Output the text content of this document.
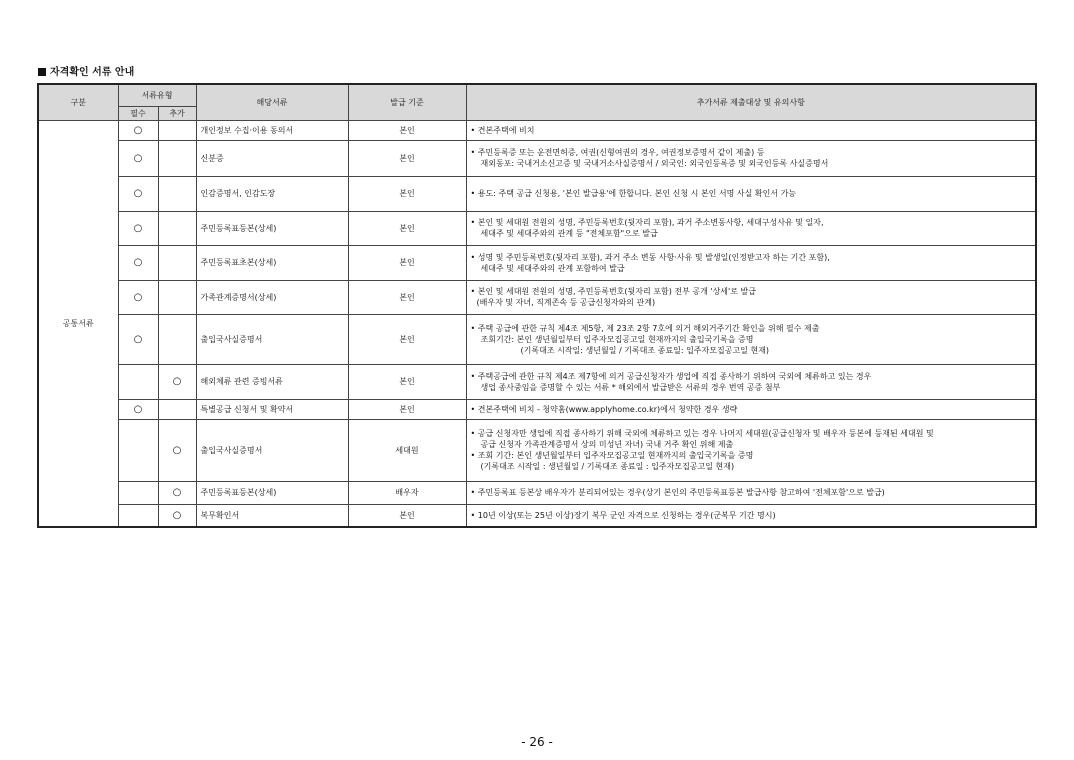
자격확인 서류 안내
구분	서류유형		해당서류	발급 기준	추가서류 제출대상 및 유의사항
	필수	추가			
공통서류	○		개인정보 수집·이용 동의서	본인	• 견본주택에 비치

	○		신분증	본인	• 주민등록증 또는 운전면허증, 여권(신형여권의 경우, 여권정보증명서 같이 제출) 등
재외동포: 국내거소신고증 및 국내거소사실증명서 / 외국인: 외국인등록증 및 외국인등록 사실증명서

	○		인감증명서, 인감도장	본인	• 용도: 주택 공급 신청용, '본인 발급용'에 한합니다. 본인 신청 시 본인 서명 사실 확인서 가능

	○		주민등록표등본(상세)	본인	• 본인 및 세대원 전원의 성명, 주민등록번호(뒷자리 포함), 과거 주소변동사항, 세대구성사유 및 일자,
세대주 및 세대주와의 관계 등 "전체포함"으로 발급

	○		주민등록표초본(상세)	본인	• 성명 및 주민등록번호(뒷자리 포함), 과거 주소 변동 사항·사유 및 발생일(인정받고자 하는 기간 포함),
세대주 및 세대주와의 관계 포함하여 발급

	○		가족관계증명서(상세)	본인	• 본인 및 세대원 전원의 성명, 주민등록번호(뒷자리 포함) 전부 공개 '상세'로 발급
(배우자 및 자녀, 직계존속 등 공급신청자와의 관계)

	○		출입국사실증명서	본인	• 주택 공급에 관한 규칙 제4조 제5항, 제 23조 2항 7호에 의거 해외거주기간 확인을 위해 필수 제출
조회기간: 본인 생년월일부터 입주자모집공고일 현재까지의 출입국기록을 증명
(기록대조 시작일: 생년월일 / 기록대조 종료일: 입주자모집공고일 현재)

		○	해외체류 관련 증빙서류	본인	• 주택공급에 관한 규칙 제4조 제7항에 의거 공급신청자가 생업에 직접 종사하기 위하여 국외에 체류하고 있는 경우
생업 종사중임을 증명할 수 있는 서류 * 해외에서 발급받은 서류의 경우 번역 공증 첨부

	○		특별공급 신청서 및 확약서	본인	• 견본주택에 비치 - 청약홈(www.applyhome.co.kr)에서 청약한 경우 생략

		○	출입국사실증명서	세대원	• 공급 신청자만 생업에 직접 종사하기 위해 국외에 체류하고 있는 경우 나머지 세대원(공급신청자 및 배우자 등본에 등재된 세대원 및
공급 신청자 가족관계증명서 상의 미성년 자녀) 국내 거주 확인 위해 제출
• 조회 기간: 본인 생년월일부터 입주자모집공고일 현재까지의 출입국기록을 증명
(기록대조 시작일 : 생년월일 / 기록대조 종료일 : 입주자모집공고일 현재)

		○	주민등록표등본(상세)	배우자	• 주민등록표 등본상 배우자가 분리되어있는 경우(상기 본인의 주민등록표등본 발급사항 참고하여 '전체포함'으로 발급)

		○	복무확인서	본인	• 10년 이상(또는 25년 이상)장기 복무 군인 자격으로 신청하는 경우(군복무 기간 명시)
- 26 -
